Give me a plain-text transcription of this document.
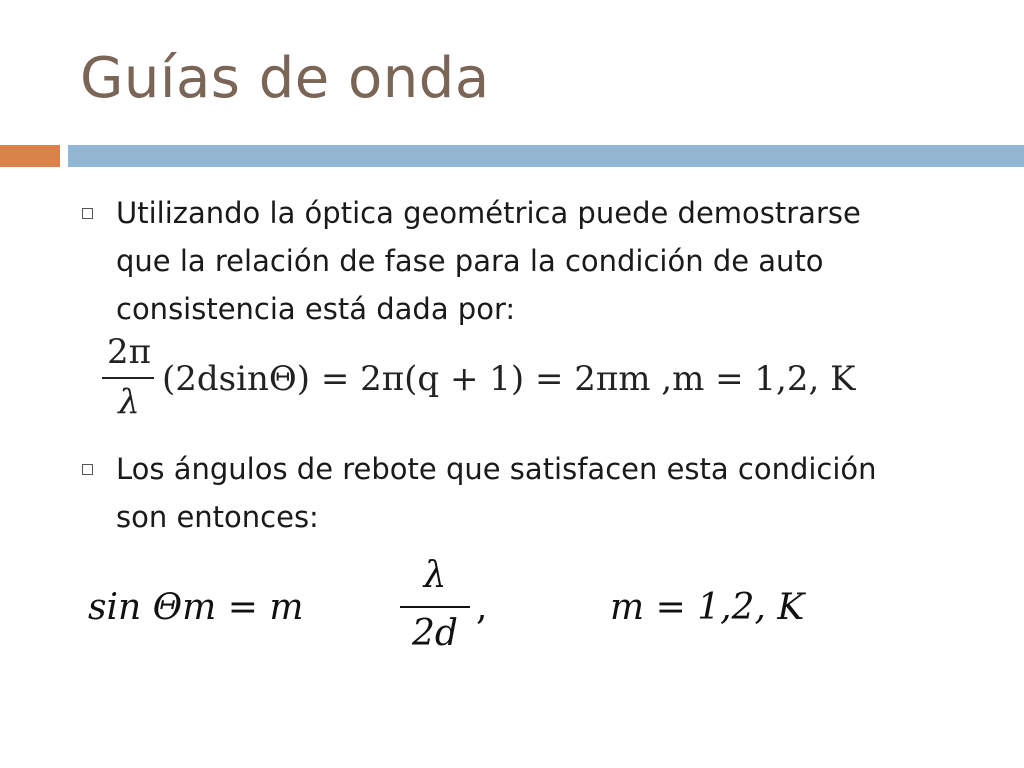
Guías de onda
Utilizando la óptica geométrica puede demostrarse
que la relación de fase para la condición de auto
consistencia está dada por:
2π
λ
(2dsinΘ) = 2π(q + 1) = 2πm ,m = 1,2, K
Los ángulos de rebote que satisfacen esta condición
son entonces:
sin Θm = m
λ
2d
,	m = 1,2, K
